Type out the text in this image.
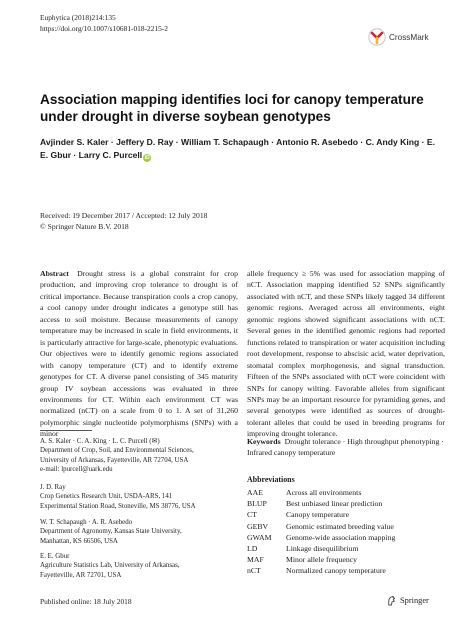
Euphytica (2018)214:135
https://doi.org/10.1007/s10681-018-2215-2
CrossMark
Association mapping identifies loci for canopy temperature under drought in diverse soybean genotypes
Avjinder S. Kaler · Jeffery D. Ray · William T. Schapaugh · Antonio R. Asebedo · C. Andy King · E. E. Gbur · Larry C. Purcell iD
Received: 19 December 2017 / Accepted: 12 July 2018
© Springer Nature B.V. 2018
Abstract Drought stress is a global constraint for crop production, and improving crop tolerance to drought is of critical importance. Because transpiration cools a crop canopy, a cool canopy under drought indicates a genotype still has access to soil moisture. Because measurements of canopy temperature may be increased in scale in field environments, it is particularly attractive for large-scale, phenotypic evaluations. Our objectives were to identify genomic regions associated with canopy temperature (CT) and to identify extreme genotypes for CT. A diverse panel consisting of 345 maturity group IV soybean accessions was evaluated in three environments for CT. Within each environment CT was normalized (nCT) on a scale from 0 to 1. A set of 31,260 polymorphic single nucleotide polymorphisms (SNPs) with a minor
allele frequency ≥ 5% was used for association mapping of nCT. Association mapping identified 52 SNPs significantly associated with nCT, and these SNPs likely tagged 34 different genomic regions. Averaged across all environments, eight genomic regions showed significant associations with nCT. Several genes in the identified genomic regions had reported functions related to transpiration or water acquisition including root development, response to abscisic acid, water deprivation, stomatal complex morphogenesis, and signal transduction. Fifteen of the SNPs associated with nCT were coincident with SNPs for canopy wilting. Favorable alleles from significant SNPs may be an important resource for pyramiding genes, and several genotypes were identified as sources of drought-tolerant alleles that could be used in breeding programs for improving drought tolerance.
A. S. Kaler · C. A. King · L. C. Purcell (✉)
Department of Crop, Soil, and Environmental Sciences,
University of Arkansas, Fayetteville, AR 72704, USA
e-mail: lpurcell@uark.edu
J. D. Ray
Crop Genetics Research Unit, USDA-ARS, 141
Experimental Station Road, Stoneville, MS 38776, USA
W. T. Schapaugh · A. R. Asebedo
Department of Agronomy, Kansas State University,
Manhattan, KS 66506, USA
E. E. Gbur
Agriculture Statistics Lab, University of Arkansas,
Fayetteville, AR 72701, USA
Keywords Drought tolerance · High throughput phenotyping · Infrared canopy temperature
Abbreviations
AAE	Across all environments
BLUP	Best unbiased linear prediction
CT	Canopy temperature
GEBV	Genomic estimated breeding value
GWAM	Genome-wide association mapping
LD	Linkage disequilibrium
MAF	Minor allele frequency
nCT	Normalized canopy temperature
Published online: 18 July 2018	Springer
